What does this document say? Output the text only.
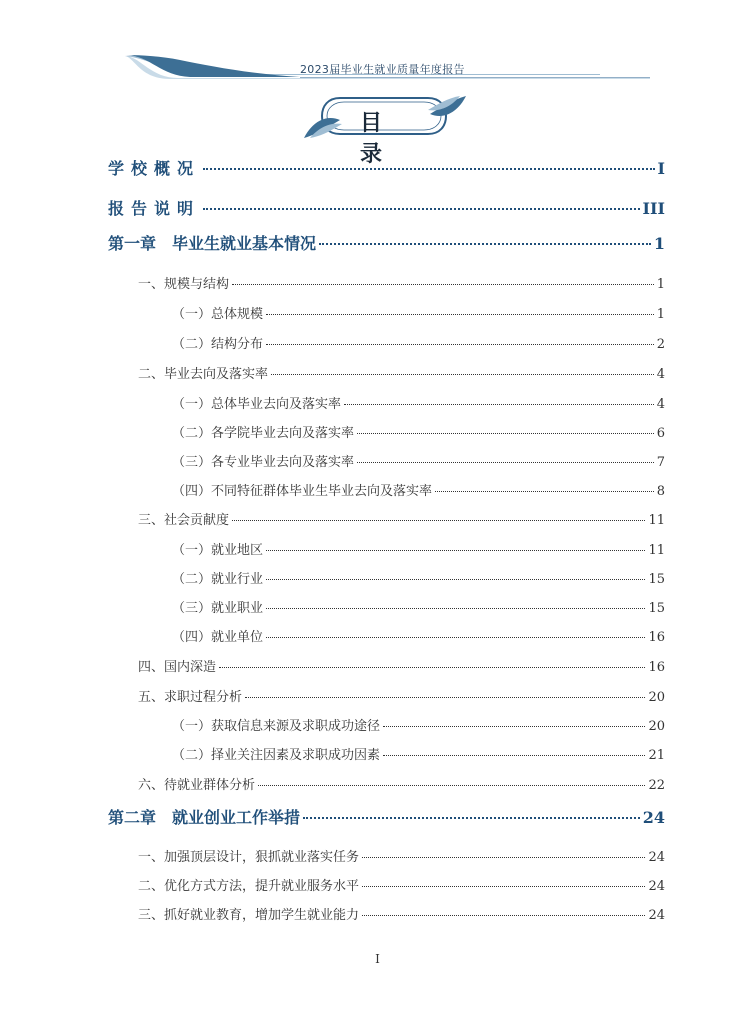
2023届毕业生就业质量年度报告
目 录
学校概况	I
报告说明	III
第一章　毕业生就业基本情况	1
一、规模与结构	1
（一）总体规模	1
（二）结构分布	2
二、毕业去向及落实率	4
（一）总体毕业去向及落实率	4
（二）各学院毕业去向及落实率	6
（三）各专业毕业去向及落实率	7
（四）不同特征群体毕业生毕业去向及落实率	8
三、社会贡献度	11
（一）就业地区	11
（二）就业行业	15
（三）就业职业	15
（四）就业单位	16
四、国内深造	16
五、求职过程分析	20
（一）获取信息来源及求职成功途径	20
（二）择业关注因素及求职成功因素	21
六、待就业群体分析	22
第二章　就业创业工作举措	24
一、加强顶层设计，狠抓就业落实任务	24
二、优化方式方法，提升就业服务水平	24
三、抓好就业教育，增加学生就业能力	24
I
